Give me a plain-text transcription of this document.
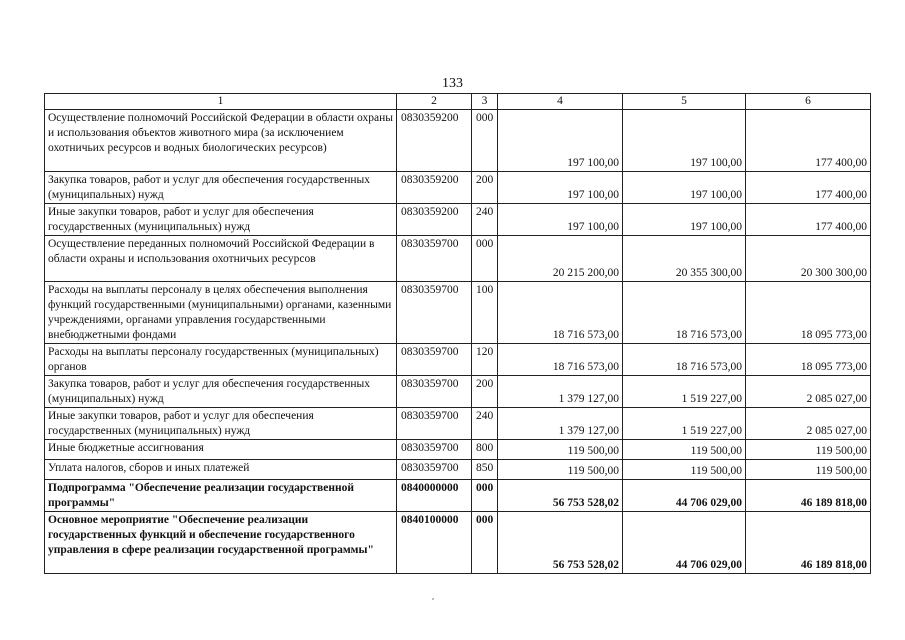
133
1	2	3	4	5	6
Осуществление полномочий Российской Федерации в области охраны и использования объектов животного мира (за исключением охотничьих ресурсов и водных биологических ресурсов)	0830359200	000	197 100,00	197 100,00	177 400,00
Закупка товаров, работ и услуг для обеспечения государственных (муниципальных) нужд	0830359200	200	197 100,00	197 100,00	177 400,00
Иные закупки товаров, работ и услуг для обеспечения государственных (муниципальных) нужд	0830359200	240	197 100,00	197 100,00	177 400,00
Осуществление переданных полномочий Российской Федерации в области охраны и использования охотничьих ресурсов	0830359700	000	20 215 200,00	20 355 300,00	20 300 300,00
Расходы на выплаты персоналу в целях обеспечения выполнения функций государственными (муниципальными) органами, казенными учреждениями, органами управления государственными внебюджетными фондами	0830359700	100	18 716 573,00	18 716 573,00	18 095 773,00
Расходы на выплаты персоналу государственных (муниципальных) органов	0830359700	120	18 716 573,00	18 716 573,00	18 095 773,00
Закупка товаров, работ и услуг для обеспечения государственных (муниципальных) нужд	0830359700	200	1 379 127,00	1 519 227,00	2 085 027,00
Иные закупки товаров, работ и услуг для обеспечения государственных (муниципальных) нужд	0830359700	240	1 379 127,00	1 519 227,00	2 085 027,00
Иные бюджетные ассигнования	0830359700	800	119 500,00	119 500,00	119 500,00
Уплата налогов, сборов и иных платежей	0830359700	850	119 500,00	119 500,00	119 500,00
Подпрограмма "Обеспечение реализации государственной программы"	0840000000	000	56 753 528,02	44 706 029,00	46 189 818,00
Основное мероприятие "Обеспечение реализации государственных функций и обеспечение государственного управления в сфере реализации государственной программы"	0840100000	000	56 753 528,02	44 706 029,00	46 189 818,00
